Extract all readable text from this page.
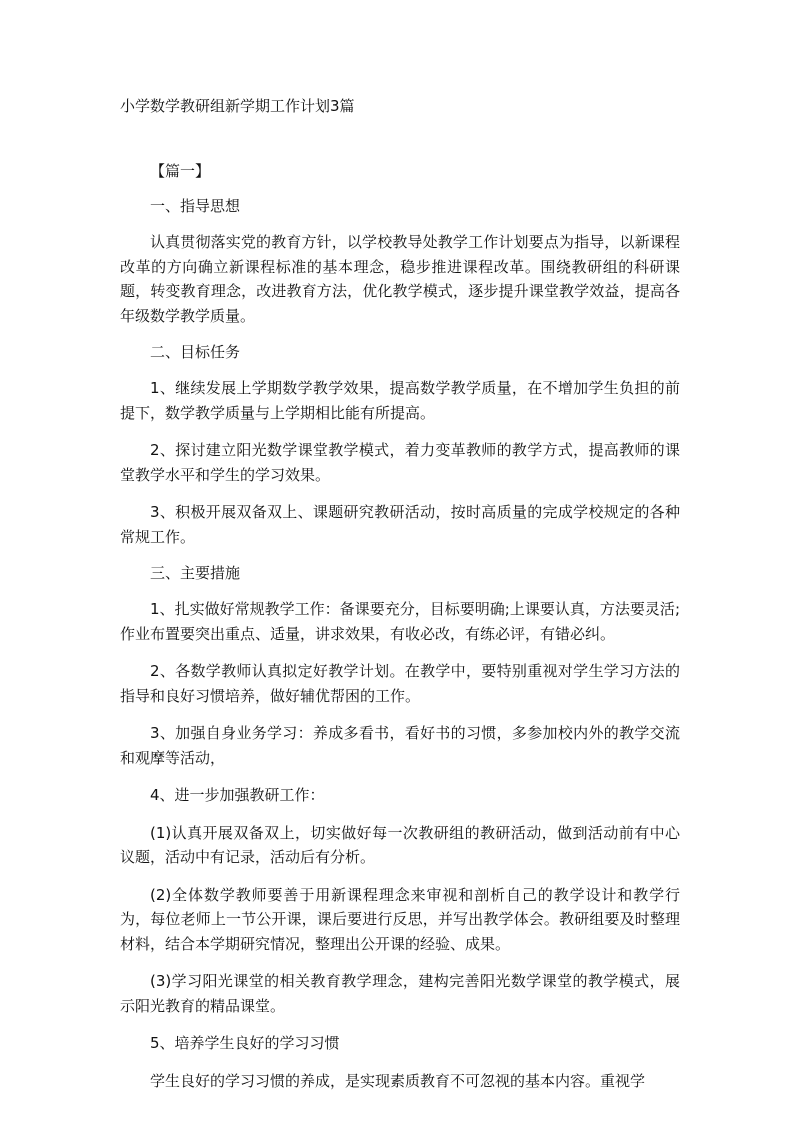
小学数学教研组新学期工作计划3篇

【篇一】

一、指导思想

认真贯彻落实党的教育方针，以学校教导处教学工作计划要点为指导，以新课程改革的方向确立新课程标准的基本理念，稳步推进课程改革。围绕教研组的科研课题，转变教育理念，改进教育方法，优化教学模式，逐步提升课堂教学效益，提高各年级数学教学质量。

二、目标任务

1、继续发展上学期数学教学效果，提高数学教学质量，在不增加学生负担的前提下，数学教学质量与上学期相比能有所提高。

2、探讨建立阳光数学课堂教学模式，着力变革教师的教学方式，提高教师的课堂教学水平和学生的学习效果。

3、积极开展双备双上、课题研究教研活动，按时高质量的完成学校规定的各种常规工作。

三、主要措施

1、扎实做好常规教学工作：备课要充分，目标要明确;上课要认真，方法要灵活;作业布置要突出重点、适量，讲求效果，有收必改，有练必评，有错必纠。

2、各数学教师认真拟定好教学计划。在教学中，要特别重视对学生学习方法的指导和良好习惯培养，做好辅优帮困的工作。

3、加强自身业务学习：养成多看书，看好书的习惯，多参加校内外的教学交流和观摩等活动，

4、进一步加强教研工作：

(1)认真开展双备双上，切实做好每一次教研组的教研活动，做到活动前有中心议题，活动中有记录，活动后有分析。

(2)全体数学教师要善于用新课程理念来审视和剖析自己的教学设计和教学行为，每位老师上一节公开课，课后要进行反思，并写出教学体会。教研组要及时整理材料，结合本学期研究情况，整理出公开课的经验、成果。

(3)学习阳光课堂的相关教育教学理念，建构完善阳光数学课堂的教学模式，展示阳光教育的精品课堂。

5、培养学生良好的学习习惯

学生良好的学习习惯的养成，是实现素质教育不可忽视的基本内容。重视学
